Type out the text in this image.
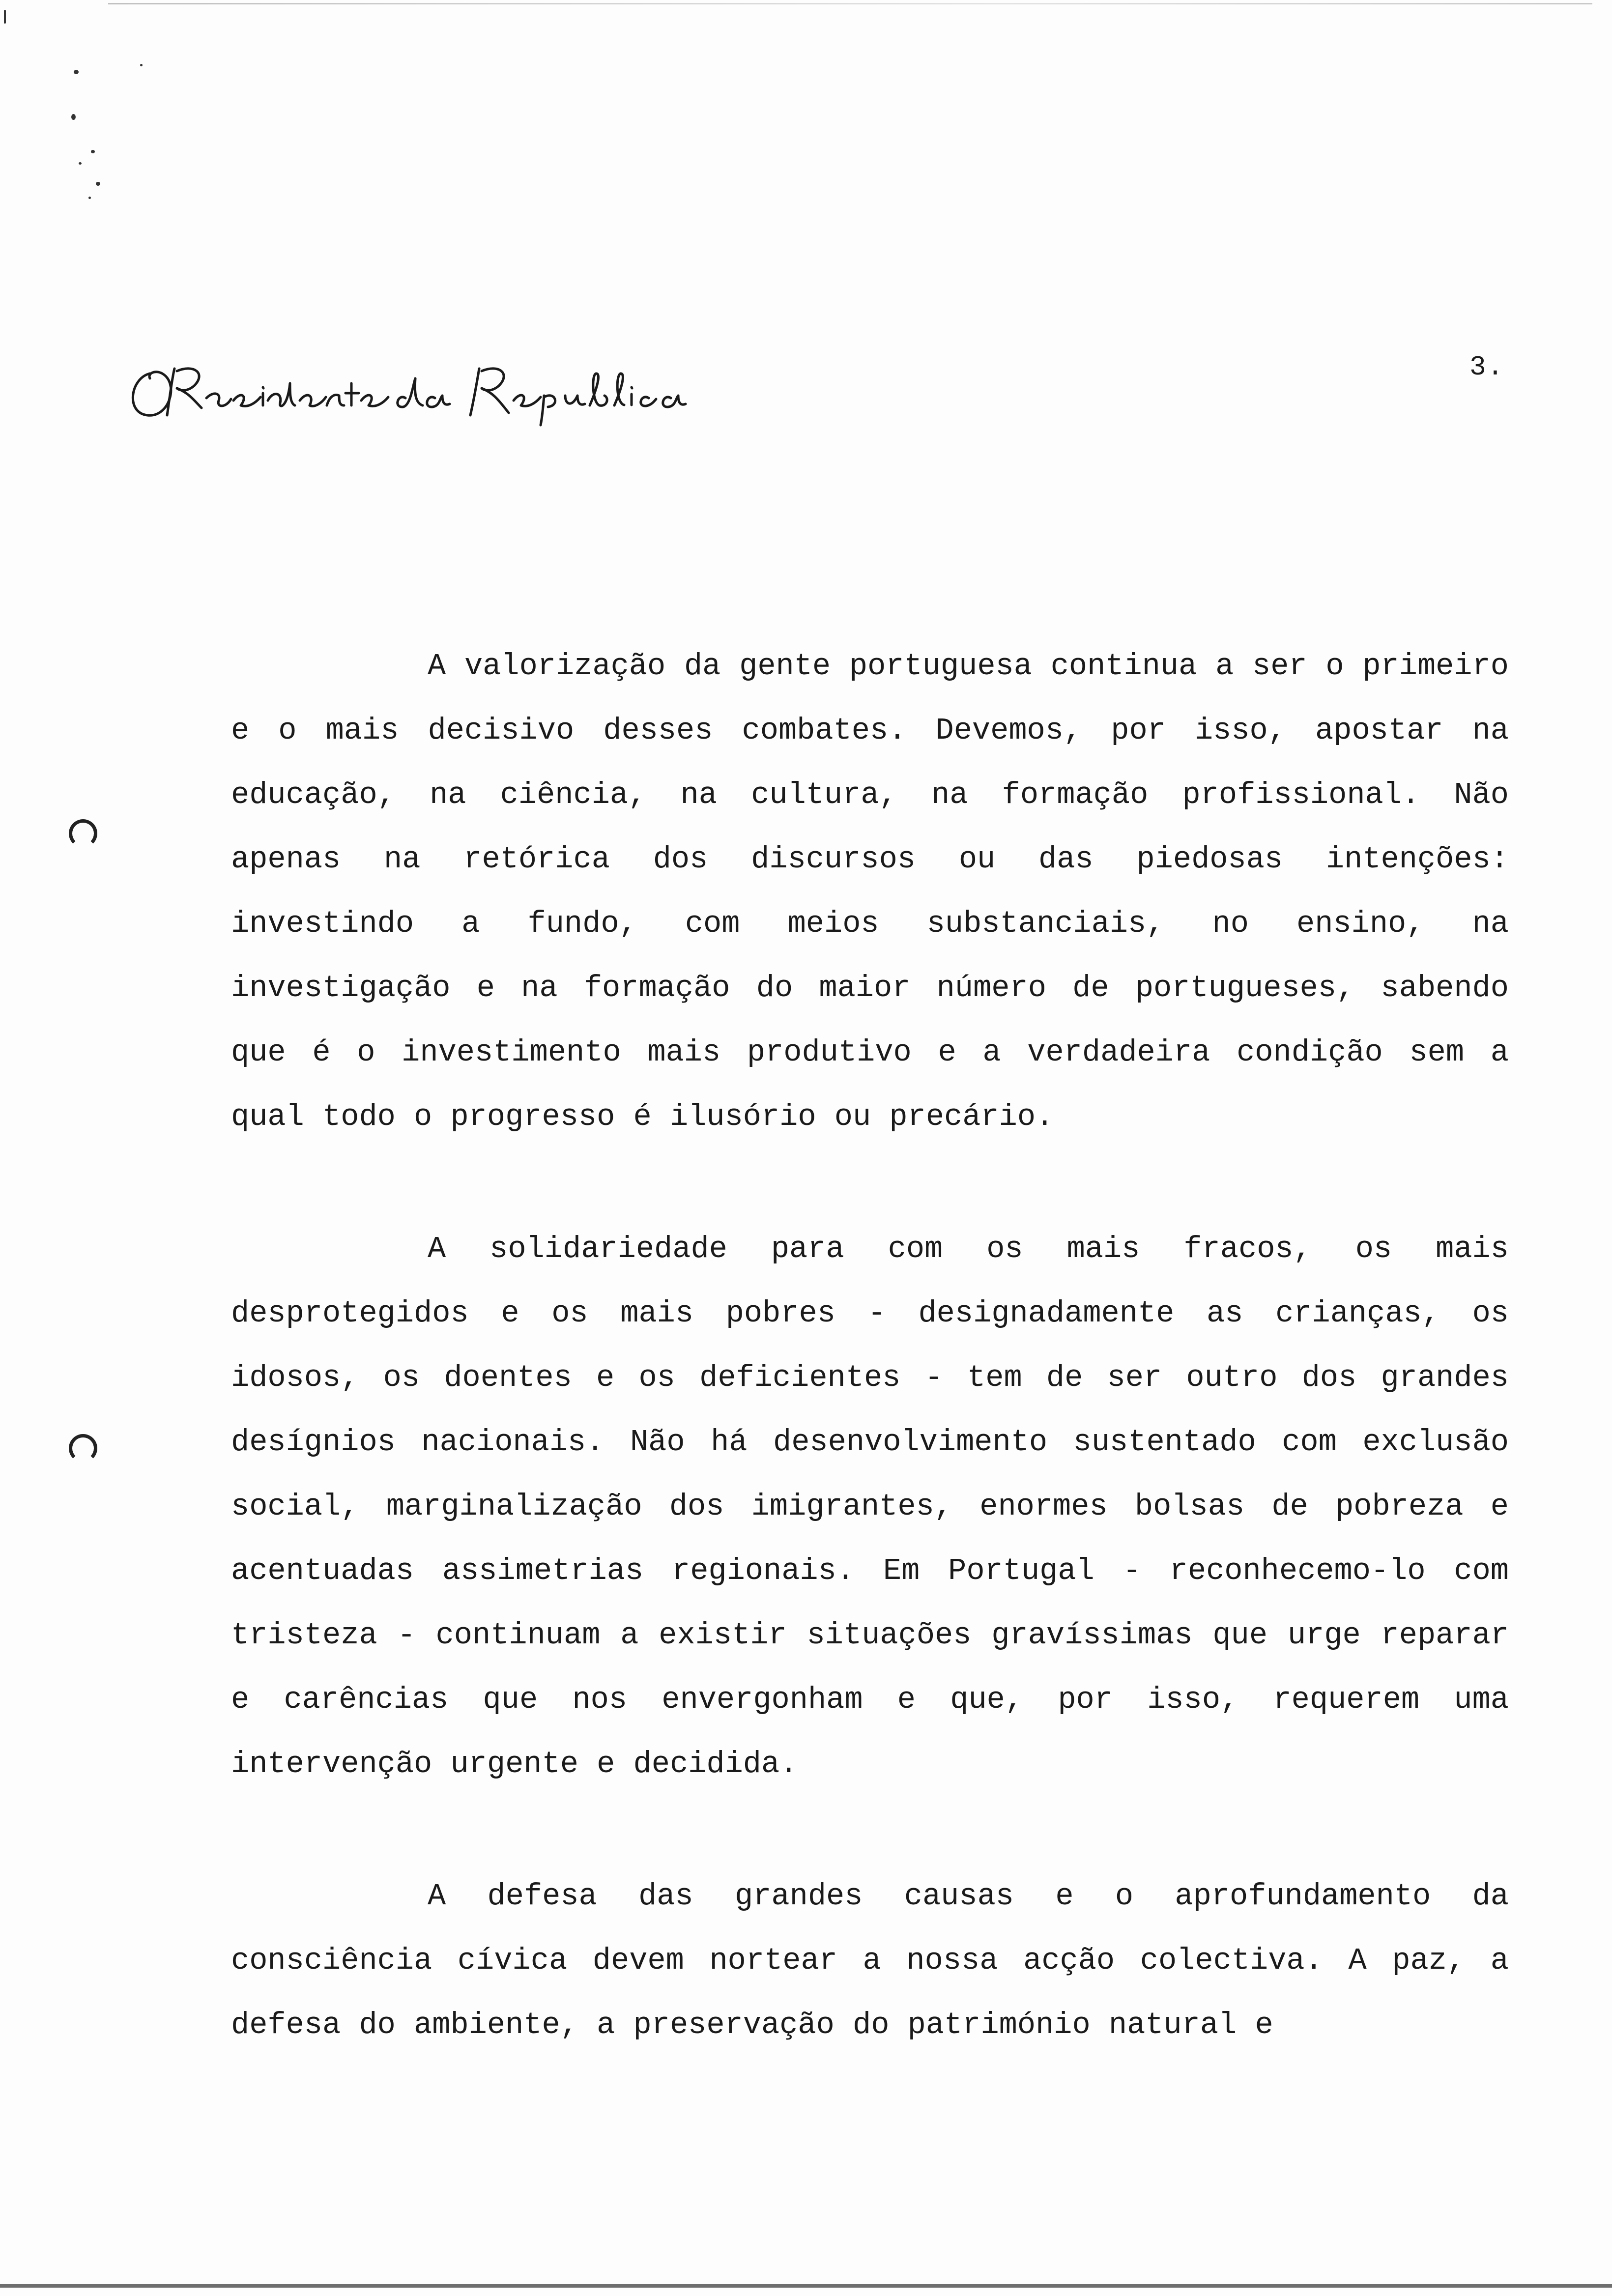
O Presidente da República
3.

A valorização da gente portuguesa continua a ser o primeiro e o mais decisivo desses combates. Devemos, por isso, apostar na educação, na ciência, na cultura, na formação profissional. Não apenas na retórica dos discursos ou das piedosas intenções: investindo a fundo, com meios substanciais, no ensino, na investigação e na formação do maior número de portugueses, sabendo que é o investimento mais produtivo e a verdadeira condição sem a qual todo o progresso é ilusório ou precário.

A solidariedade para com os mais fracos, os mais desprotegidos e os mais pobres - designadamente as crianças, os idosos, os doentes e os deficientes - tem de ser outro dos grandes desígnios nacionais. Não há desenvolvimento sustentado com exclusão social, marginalização dos imigrantes, enormes bolsas de pobreza e acentuadas assimetrias regionais. Em Portugal - reconhecemo-lo com tristeza - continuam a existir situações gravíssimas que urge reparar e carências que nos envergonham e que, por isso, requerem uma intervenção urgente e decidida.

A defesa das grandes causas e o aprofundamento da consciência cívica devem nortear a nossa acção colectiva. A paz, a defesa do ambiente, a preservação do património natural e
